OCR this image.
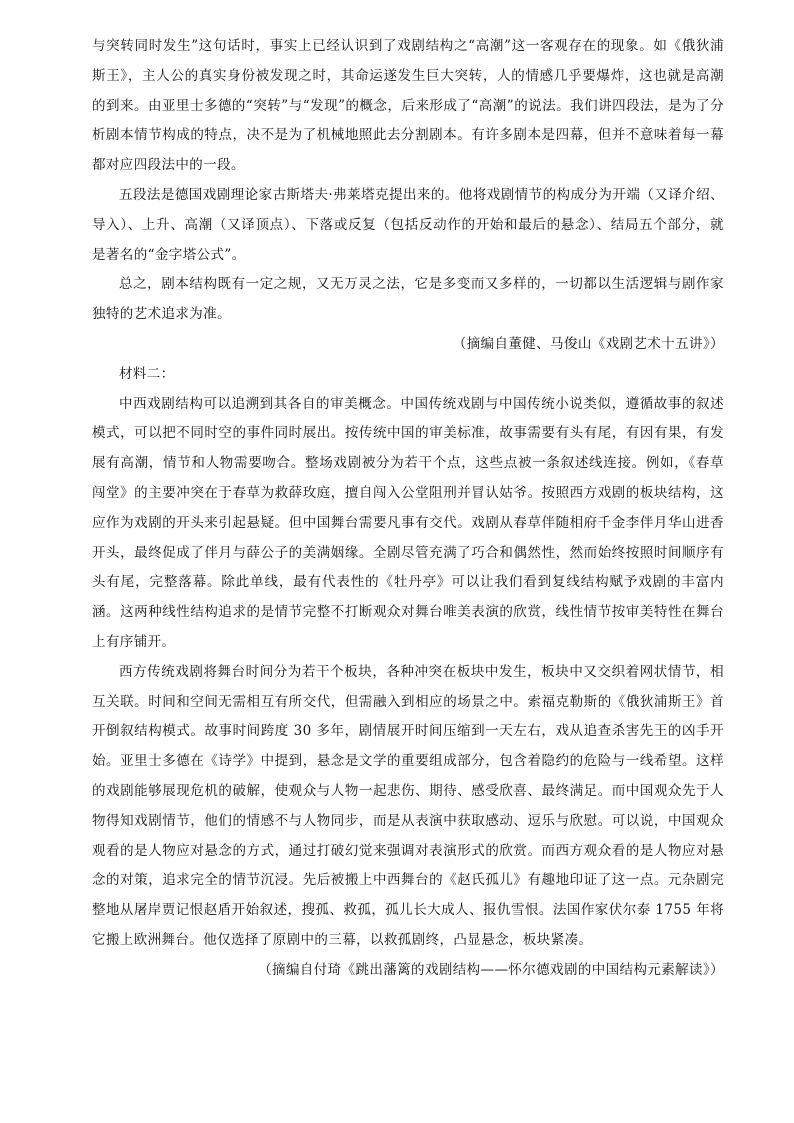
与突转同时发生”这句话时，事实上已经认识到了戏剧结构之“高潮”这一客观存在的现象。如《俄狄浦斯王》，主人公的真实身份被发现之时，其命运遂发生巨大突转，人的情感几乎要爆炸，这也就是高潮的到来。由亚里士多德的“突转”与“发现”的概念，后来形成了“高潮”的说法。我们讲四段法，是为了分析剧本情节构成的特点，决不是为了机械地照此去分割剧本。有许多剧本是四幕，但并不意味着每一幕都对应四段法中的一段。

五段法是德国戏剧理论家古斯塔夫·弗莱塔克提出来的。他将戏剧情节的构成分为开端（又译介绍、导入）、上升、高潮（又译顶点）、下落或反复（包括反动作的开始和最后的悬念）、结局五个部分，就是著名的“金字塔公式”。

总之，剧本结构既有一定之规，又无万灵之法，它是多变而又多样的，一切都以生活逻辑与剧作家独特的艺术追求为准。

（摘编自董健、马俊山《戏剧艺术十五讲》）

材料二：

中西戏剧结构可以追溯到其各自的审美概念。中国传统戏剧与中国传统小说类似，遵循故事的叙述模式，可以把不同时空的事件同时展出。按传统中国的审美标准，故事需要有头有尾，有因有果，有发展有高潮，情节和人物需要吻合。整场戏剧被分为若干个点，这些点被一条叙述线连接。例如，《春草闯堂》的主要冲突在于春草为救薛玫庭，擅自闯入公堂阻刑并冒认姑爷。按照西方戏剧的板块结构，这应作为戏剧的开头来引起悬疑。但中国舞台需要凡事有交代。戏剧从春草伴随相府千金李伴月华山进香开头，最终促成了伴月与薛公子的美满姻缘。全剧尽管充满了巧合和偶然性，然而始终按照时间顺序有头有尾，完整落幕。除此单线，最有代表性的《牡丹亭》可以让我们看到复线结构赋予戏剧的丰富内涵。这两种线性结构追求的是情节完整不打断观众对舞台唯美表演的欣赏，线性情节按审美特性在舞台上有序铺开。

西方传统戏剧将舞台时间分为若干个板块，各种冲突在板块中发生，板块中又交织着网状情节，相互关联。时间和空间无需相互有所交代，但需融入到相应的场景之中。索福克勒斯的《俄狄浦斯王》首开倒叙结构模式。故事时间跨度 30 多年，剧情展开时间压缩到一天左右，戏从追查杀害先王的凶手开始。亚里士多德在《诗学》中提到，悬念是文学的重要组成部分，包含着隐约的危险与一线希望。这样的戏剧能够展现危机的破解，使观众与人物一起悲伤、期待、感受欣喜、最终满足。而中国观众先于人物得知戏剧情节，他们的情感不与人物同步，而是从表演中获取感动、逗乐与欣慰。可以说，中国观众观看的是人物应对悬念的方式，通过打破幻觉来强调对表演形式的欣赏。而西方观众看的是人物应对悬念的对策，追求完全的情节沉浸。先后被搬上中西舞台的《赵氏孤儿》有趣地印证了这一点。元杂剧完整地从屠岸贾记恨赵盾开始叙述，搜孤、救孤，孤儿长大成人、报仇雪恨。法国作家伏尔泰 1755 年将它搬上欧洲舞台。他仅选择了原剧中的三幕，以救孤剧终，凸显悬念，板块紧凑。

（摘编自付琦《跳出藩篱的戏剧结构——怀尔德戏剧的中国结构元素解读》）
